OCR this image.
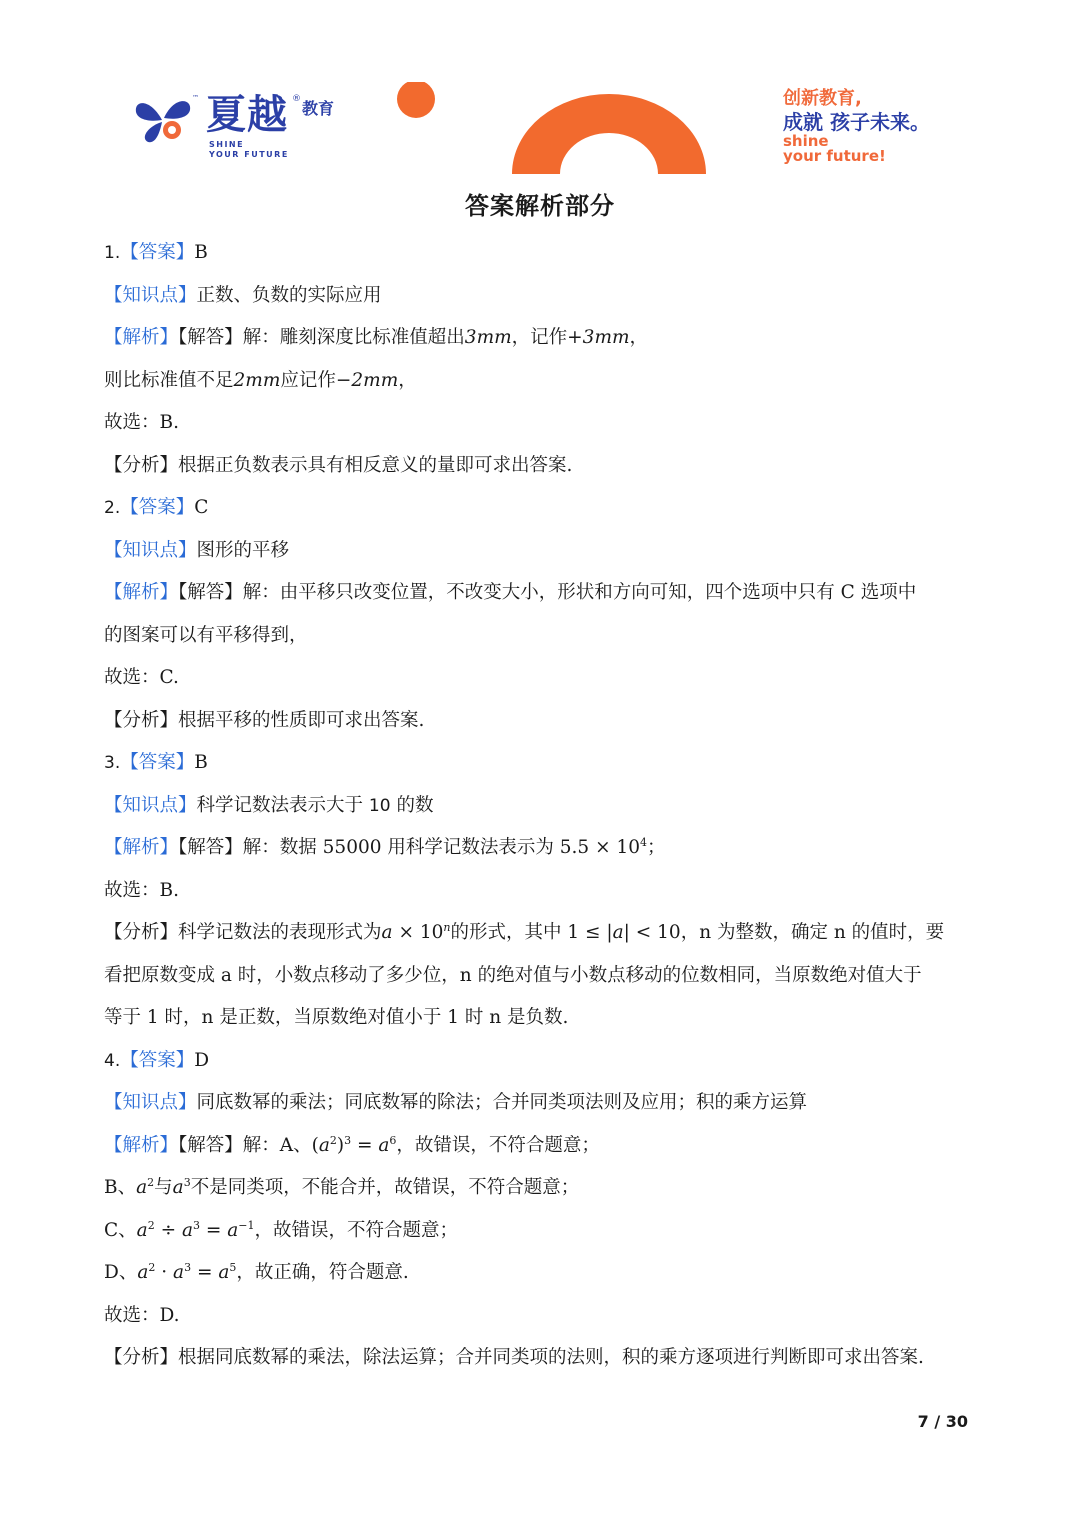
™ 夏越 ® 教育
SHINE
YOUR FUTURE
创新教育,
成就 孩子未来。
shine
your future!
答案解析部分
1.【答案】B
【知识点】正数、负数的实际应用
【解析】【解答】解：雕刻深度比标准值超出3mm，记作+3mm，
则比标准值不足2mm应记作−2mm，
故选：B.
【分析】根据正负数表示具有相反意义的量即可求出答案.
2.【答案】C
【知识点】图形的平移
【解析】【解答】解：由平移只改变位置，不改变大小，形状和方向可知，四个选项中只有 C 选项中
的图案可以有平移得到，
故选：C.
【分析】根据平移的性质即可求出答案.
3.【答案】B
【知识点】科学记数法表示大于 10 的数
【解析】【解答】解：数据 55000 用科学记数法表示为 $5.5 \times 10^4$；
故选：B.
【分析】科学记数法的表现形式为$a \times 10^n$的形式，其中 1 ≤ |a| < 10，n 为整数，确定 n 的值时，要
看把原数变成 a 时，小数点移动了多少位，n 的绝对值与小数点移动的位数相同，当原数绝对值大于
等于 1 时，n 是正数，当原数绝对值小于 1 时 n 是负数.
4.【答案】D
【知识点】同底数幂的乘法；同底数幂的除法；合并同类项法则及应用；积的乘方运算
【解析】【解答】解：A、$(a^2)^3 = a^6$，故错误，不符合题意；
B、$a^2$与$a^3$不是同类项，不能合并，故错误，不符合题意；
C、$a^2 \div a^3 = a^{-1}$，故错误，不符合题意；
D、$a^2 \cdot a^3 = a^5$，故正确，符合题意.
故选：D.
【分析】根据同底数幂的乘法，除法运算；合并同类项的法则，积的乘方逐项进行判断即可求出答案.
7 / 30
